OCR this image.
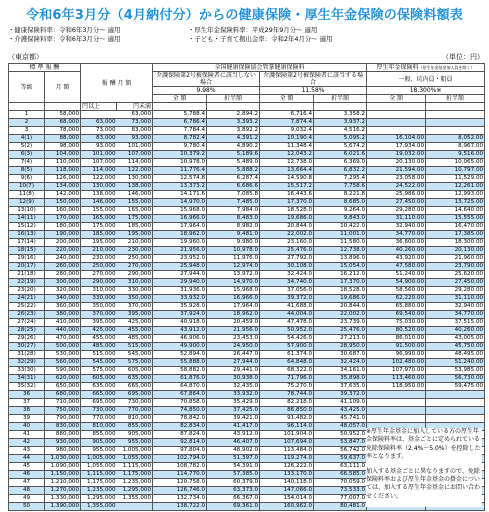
令和6年3月分（4月納付分）からの健康保険・厚生年金保険の保険料額表
・健康保険料率：令和6年3月分～ 適用	・厚生年金保険料率：平成29年9月分～ 適用
・介護保険料率：令和6年3月分～ 適用	・子ども・子育て拠出金率：令和2年4月分～ 適用
（東京都）	（単位：円）
標 準 報 酬		報 酬 月 額		全国健康保険協会管掌健康保険料				厚生年金保険料（厚生年金基金加入員を除く）	
等級	月 額			介護保険第2号被保険者に該当しない場合		介護保険第2号被保険者に該当する場合		一般、坑内員・船員	
				9.98%		11.58%		18.300%※	
				全 額	折半額	全 額	折半額	全 額	折半額
		円以上	円未満						
1	58,000		63,000	5,788.4	2,894.2	6,716.4	3,358.2		
2	68,000	63,000	73,000	6,786.4	3,393.2	7,874.4	3,937.2		
3	78,000	73,000	83,000	7,784.4	3,892.2	9,032.4	4,516.2		
4(1)	88,000	83,000	93,000	8,782.4	4,391.2	10,190.4	5,095.2	16,104.00	8,052.00
5(2)	98,000	93,000	101,000	9,780.4	4,890.2	11,348.4	5,674.2	17,934.00	8,967.00
6(3)	104,000	101,000	107,000	10,379.2	5,189.6	12,043.2	6,021.6	19,032.00	9,516.00
7(4)	110,000	107,000	114,000	10,978.0	5,489.0	12,738.0	6,369.0	20,130.00	10,065.00
8(5)	118,000	114,000	122,000	11,776.4	5,888.2	13,664.4	6,832.2	21,594.00	10,797.00
9(6)	126,000	122,000	130,000	12,574.8	6,287.4	14,590.8	7,295.4	23,058.00	11,529.00
10(7)	134,000	130,000	138,000	13,373.2	6,686.6	15,517.2	7,758.6	24,522.00	12,261.00
11(8)	142,000	138,000	146,000	14,171.6	7,085.8	16,443.6	8,221.8	25,986.00	12,993.00
12(9)	150,000	146,000	155,000	14,970.0	7,485.0	17,370.0	8,685.0	27,450.00	13,725.00
13(10)	160,000	155,000	165,000	15,968.0	7,984.0	18,528.0	9,264.0	29,280.00	14,640.00
14(11)	170,000	165,000	175,000	16,966.0	8,483.0	19,686.0	9,843.0	31,110.00	15,555.00
15(12)	180,000	175,000	185,000	17,964.0	8,982.0	20,844.0	10,422.0	32,940.00	16,470.00
16(13)	190,000	185,000	195,000	18,962.0	9,481.0	22,002.0	11,001.0	34,770.00	17,385.00
17(14)	200,000	195,000	210,000	19,960.0	9,980.0	23,160.0	11,580.0	36,600.00	18,300.00
18(15)	220,000	210,000	230,000	21,956.0	10,978.0	25,476.0	12,738.0	40,260.00	20,130.00
19(16)	240,000	230,000	250,000	23,952.0	11,976.0	27,792.0	13,896.0	43,920.00	21,960.00
20(17)	260,000	250,000	270,000	25,948.0	12,974.0	30,108.0	15,054.0	47,580.00	23,790.00
21(18)	280,000	270,000	290,000	27,944.0	13,972.0	32,424.0	16,212.0	51,240.00	25,620.00
22(19)	300,000	290,000	310,000	29,940.0	14,970.0	34,740.0	17,370.0	54,900.00	27,450.00
23(20)	320,000	310,000	330,000	31,936.0	15,968.0	37,056.0	18,528.0	58,560.00	29,280.00
24(21)	340,000	330,000	350,000	33,932.0	16,966.0	39,372.0	19,686.0	62,220.00	31,110.00
25(22)	360,000	350,000	370,000	35,928.0	17,964.0	41,688.0	20,844.0	65,880.00	32,940.00
26(23)	380,000	370,000	395,000	37,924.0	18,962.0	44,004.0	22,002.0	69,540.00	34,770.00
27(24)	410,000	395,000	425,000	40,918.0	20,459.0	47,478.0	23,739.0	75,030.00	37,515.00
28(25)	440,000	425,000	455,000	43,912.0	21,956.0	50,952.0	25,476.0	80,520.00	40,260.00
29(26)	470,000	455,000	485,000	46,906.0	23,453.0	54,426.0	27,213.0	86,010.00	43,005.00
30(27)	500,000	485,000	515,000	49,900.0	24,950.0	57,900.0	28,950.0	91,500.00	45,750.00
31(28)	530,000	515,000	545,000	52,894.0	26,447.0	61,374.0	30,687.0	96,990.00	48,495.00
32(29)	560,000	545,000	575,000	55,888.0	27,944.0	64,848.0	32,424.0	102,480.00	51,240.00
33(30)	590,000	575,000	605,000	58,882.0	29,441.0	68,322.0	34,161.0	107,970.00	53,985.00
34(31)	620,000	605,000	635,000	61,876.0	30,938.0	71,796.0	35,898.0	113,460.00	56,730.00
35(32)	650,000	635,000	665,000	64,870.0	32,435.0	75,270.0	37,635.0	118,950.00	59,475.00
36	680,000	665,000	695,000	67,864.0	33,932.0	78,744.0	39,372.0		
37	710,000	695,000	730,000	70,858.0	35,429.0	82,218.0	41,109.0		
38	750,000	730,000	770,000	74,850.0	37,425.0	86,850.0	43,425.0		
39	790,000	770,000	810,000	78,842.0	39,421.0	91,482.0	45,741.0		
40	830,000	810,000	855,000	82,834.0	41,417.0	96,114.0	48,057.0		
41	880,000	855,000	905,000	87,824.0	43,912.0	101,904.0	50,952.0		
42	930,000	905,000	955,000	92,814.0	46,407.0	107,694.0	53,847.0		
43	980,000	955,000	1,005,000	97,804.0	48,902.0	113,484.0	56,742.0		
44	1,030,000	1,005,000	1,055,000	102,794.0	51,397.0	119,274.0	59,637.0		
45	1,090,000	1,055,000	1,115,000	108,782.0	54,391.0	126,222.0	63,111.0		
46	1,150,000	1,115,000	1,175,000	114,770.0	57,385.0	133,170.0	66,585.0		
47	1,210,000	1,175,000	1,235,000	120,758.0	60,379.0	140,118.0	70,059.0		
48	1,270,000	1,235,000	1,295,000	126,746.0	63,373.0	147,066.0	73,533.0		
49	1,330,000	1,295,000	1,355,000	132,734.0	66,367.0	154,014.0	77,007.0		
50	1,390,000	1,355,000		138,722.0	69,361.0	160,962.0	80,481.0		

※厚生年金基金に加入している方の厚生年金保険料率は、基金ごとに定められている免除保険料率（2.4%～5.0%）を控除した率となります。

加入する基金ごとに異なりますので、免除保険料率および厚生年金基金の掛金については、加入する厚生年金基金にお問い合わせください。
